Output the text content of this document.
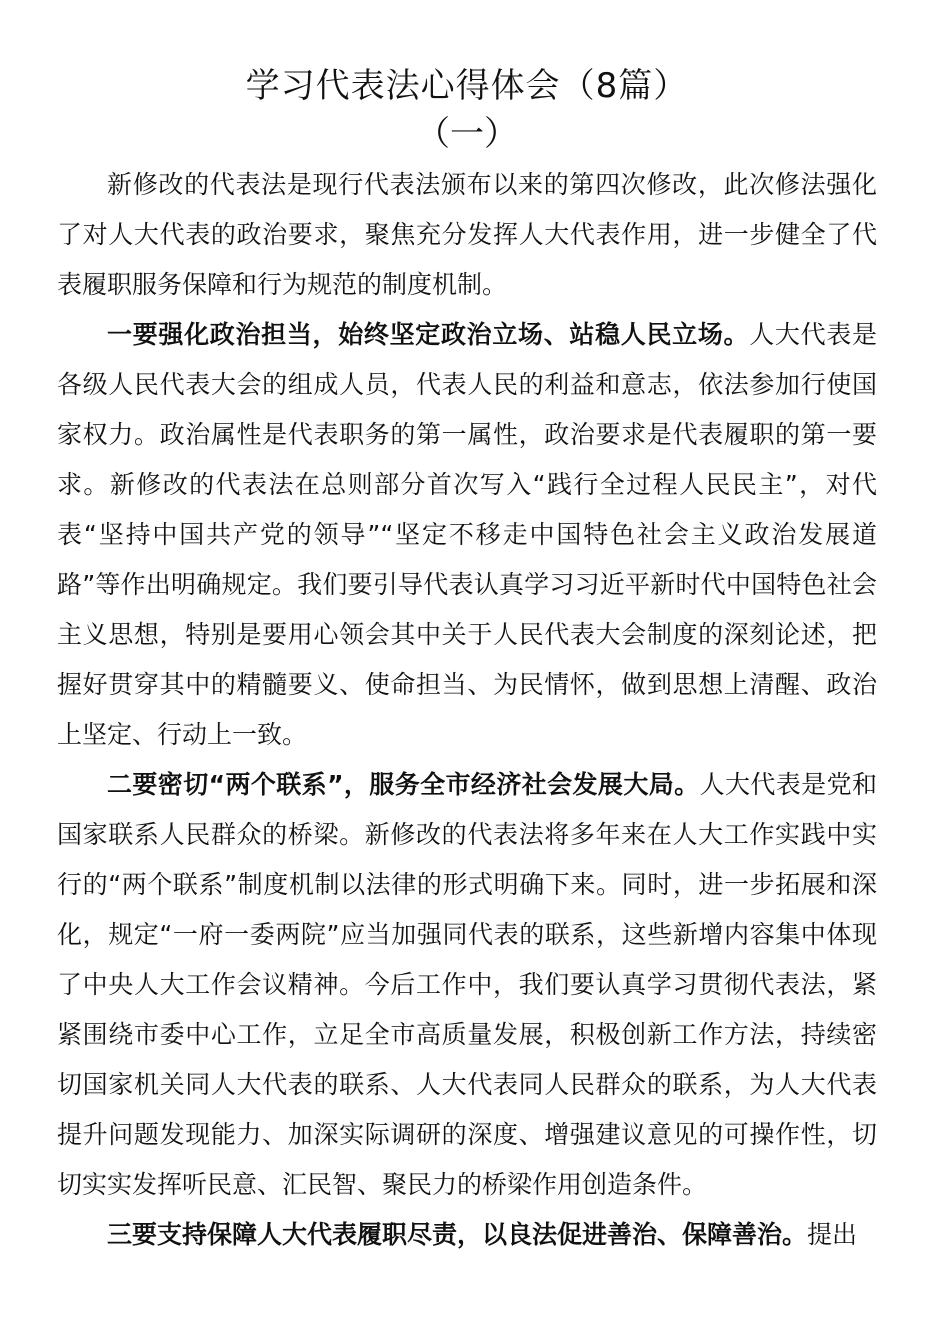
学习代表法心得体会（8篇）
（一）

新修改的代表法是现行代表法颁布以来的第四次修改，此次修法强化了对人大代表的政治要求，聚焦充分发挥人大代表作用，进一步健全了代表履职服务保障和行为规范的制度机制。

一要强化政治担当，始终坚定政治立场、站稳人民立场。人大代表是各级人民代表大会的组成人员，代表人民的利益和意志，依法参加行使国家权力。政治属性是代表职务的第一属性，政治要求是代表履职的第一要求。新修改的代表法在总则部分首次写入“践行全过程人民民主”，对代表“坚持中国共产党的领导”“坚定不移走中国特色社会主义政治发展道路”等作出明确规定。我们要引导代表认真学习习近平新时代中国特色社会主义思想，特别是要用心领会其中关于人民代表大会制度的深刻论述，把握好贯穿其中的精髓要义、使命担当、为民情怀，做到思想上清醒、政治上坚定、行动上一致。

二要密切“两个联系”，服务全市经济社会发展大局。人大代表是党和国家联系人民群众的桥梁。新修改的代表法将多年来在人大工作实践中实行的“两个联系”制度机制以法律的形式明确下来。同时，进一步拓展和深化，规定“一府一委两院”应当加强同代表的联系，这些新增内容集中体现了中央人大工作会议精神。今后工作中，我们要认真学习贯彻代表法，紧紧围绕市委中心工作，立足全市高质量发展，积极创新工作方法，持续密切国家机关同人大代表的联系、人大代表同人民群众的联系，为人大代表提升问题发现能力、加深实际调研的深度、增强建议意见的可操作性，切切实实发挥听民意、汇民智、聚民力的桥梁作用创造条件。

三要支持保障人大代表履职尽责，以良法促进善治、保障善治。提出
